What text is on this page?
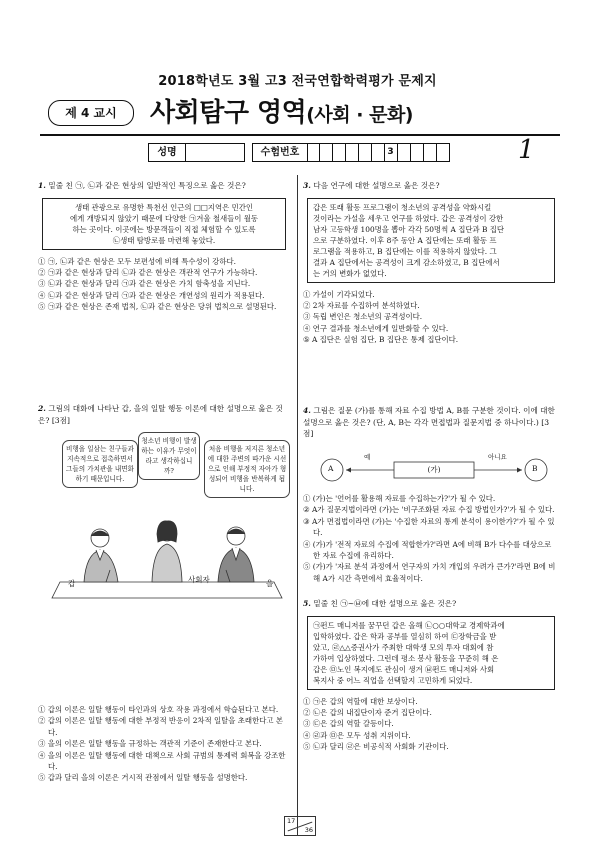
2018학년도 3월 고3 전국연합학력평가 문제지
제 4 교시	사회탐구 영역(사회 · 문화)
성명	수험번호	3	1
1. 밑줄 친 ㉠, ㉡과 같은 현상의 일반적인 특징으로 옳은 것은?
생태 관광으로 유명한 특천선 인근의 □□지역은 민간인
에게 개방되지 않았기 때문에 다양한 ㉠겨울 철새들이 월동
하는 곳이다. 이곳에는 방문객들이 직접 체험할 수 있도록
㉡생태 탐방로를 마련해 놓았다.
① ㉠, ㉡과 같은 현상은 모두 보편성에 비해 특수성이 강하다.
② ㉠과 같은 현상과 달리 ㉡과 같은 현상은 객관적 연구가 가능하다.
③ ㉡과 같은 현상과 달리 ㉠과 같은 현상은 가치 함축성을 지닌다.
④ ㉡과 같은 현상과 달리 ㉠과 같은 현상은 개연성의 원리가 적용된다.
⑤ ㉠과 같은 현상은 존재 법칙, ㉡과 같은 현상은 당위 법칙으로 설명된다.
2. 그림의 대화에 나타난 갑, 을의 일탈 행동 이론에 대한 설명으로 옳은 것은? [3점]
비행을 일삼는 친구들과 지속적으로 접촉하면서 그들의 가치관을 내면화하기 때문입니다.
청소년 비행이 발생하는 이유가 무엇이라고 생각하십니까?
처음 비행을 저지른 청소년에 대한 주변의 따가운 시선으로 인해 부정적 자아가 형성되어 비행을 반복하게 됩니다.
갑	사회자	을
① 갑의 이론은 일탈 행동이 타인과의 상호 작용 과정에서 학습된다고 본다.
② 갑의 이론은 일탈 행동에 대한 부정적 반응이 2차적 일탈을 초래한다고 본다.
③ 을의 이론은 일탈 행동을 규정하는 객관적 기준이 존재한다고 본다.
④ 을의 이론은 일탈 행동에 대한 대책으로 사회 규범의 통제력 회복을 강조한다.
⑤ 갑과 달리 을의 이론은 거시적 관점에서 일탈 행동을 설명한다.
3. 다음 연구에 대한 설명으로 옳은 것은?
갑은 또래 활동 프로그램이 청소년의 공격성을 약화시킬
것이라는 가설을 세우고 연구를 하였다. 갑은 공격성이 강한
남자 고등학생 100명을 뽑아 각각 50명씩 A 집단과 B 집단
으로 구분하였다. 이후 8주 동안 A 집단에는 또래 활동 프
로그램을 적용하고, B 집단에는 이를 적용하지 않았다. 그
결과 A 집단에서는 공격성이 크게 감소하였고, B 집단에서
는 거의 변화가 없었다.
① 가설이 기각되었다.
② 2차 자료를 수집하여 분석하였다.
③ 독립 변인은 청소년의 공격성이다.
④ 연구 결과를 청소년에게 일반화할 수 있다.
⑤ A 집단은 실험 집단, B 집단은 통제 집단이다.
4. 그림은 질문 (가)를 통해 자료 수집 방법 A, B를 구분한 것이다. 이에 대한 설명으로 옳은 것은? (단, A, B는 각각 면접법과 질문지법 중 하나이다.) [3점]
A	B
(가)
예	아니요
① (가)는 '언어를 활용해 자료를 수집하는가?'가 될 수 있다.
② A가 질문지법이라면 (가)는 '비구조화된 자료 수집 방법인가?'가 될 수 있다.
③ A가 면접법이라면 (가)는 '수집한 자료의 통계 분석이 용이한가?'가 될 수 있다.
④ (가)가 '전적 자료의 수집에 적합한가?'라면 A에 비해 B가 다수를 대상으로 한 자료 수집에 유리하다.
⑤ (가)가 '자료 분석 과정에서 연구자의 가치 개입의 우려가 큰가?'라면 B에 비해 A가 시간 측면에서 효율적이다.
5. 밑줄 친 ㉠~㉥에 대한 설명으로 옳은 것은?
㉠펀드 매니저를 꿈꾸던 갑은 올해 ㉡○○대학교 경제학과에
입학하였다. 갑은 학과 공부를 열심히 하여 ㉢장학금을 받
았고, ㉣△△증권사가 주최한 대학생 모의 투자 대회에 참
가하여 입상하였다. 그런데 평소 봉사 활동을 꾸준히 해 온
갑은 ㉤노인 복지에도 관심이 생겨 ㉥펀드 매니저와 사회
복지사 중 어느 직업을 선택할지 고민하게 되었다.
① ㉠은 갑의 역할에 대한 보상이다.
② ㉡은 갑의 내집단이자 준거 집단이다.
③ ㉢은 갑의 역할 갈등이다.
④ ㉣과 ㉤은 모두 성취 지위이다.
⑤ ㉡과 달리 ㉣은 비공식적 사회화 기관이다.
17
36
